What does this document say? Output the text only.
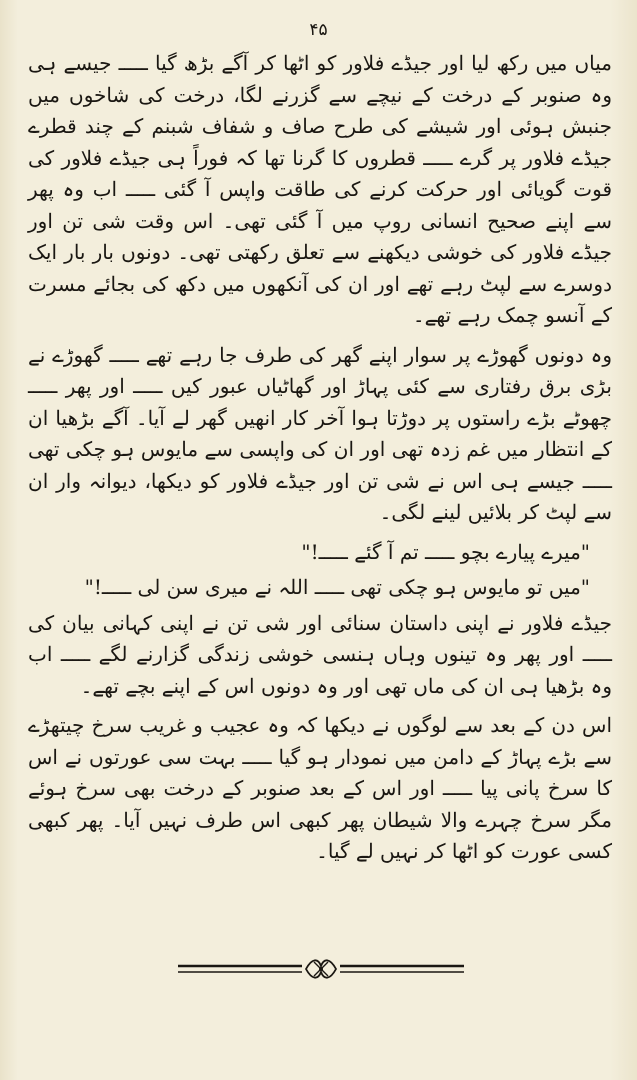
۴۵

میاں میں رکھ لیا اور جیڈے فلاور کو اٹھا کر آگے بڑھ گیا ـــــ جیسے ہی وہ صنوبر کے درخت کے نیچے سے گزرنے لگا، درخت کی شاخوں میں جنبش ہوئی اور شیشے کی طرح صاف و شفاف شبنم کے چند قطرے جیڈے فلاور پر گرے ـــــ قطروں کا گرنا تھا کہ فوراً ہی جیڈے فلاور کی قوت گویائی اور حرکت کرنے کی طاقت واپس آ گئی ـــــ اب وہ پھر سے اپنے صحیح انسانی روپ میں آ گئی تھی۔ اس وقت شی تن اور جیڈے فلاور کی خوشی دیکھنے سے تعلق رکھتی تھی۔ دونوں بار بار ایک دوسرے سے لپٹ رہے تھے اور ان کی آنکھوں میں دکھ کی بجائے مسرت کے آنسو چمک رہے تھے۔

وہ دونوں گھوڑے پر سوار اپنے گھر کی طرف جا رہے تھے ـــــ گھوڑے نے بڑی برق رفتاری سے کئی پہاڑ اور گھاٹیاں عبور کیں ـــــ اور پھر ـــــ چھوٹے بڑے راستوں پر دوڑتا ہوا آخر کار انھیں گھر لے آیا۔ آگے بڑھیا ان کے انتظار میں غم زدہ تھی اور ان کی واپسی سے مایوس ہو چکی تھی ـــــ جیسے ہی اس نے شی تن اور جیڈے فلاور کو دیکھا، دیوانہ وار ان سے لپٹ کر بلائیں لینے لگی۔

"میرے پیارے بچو ـــــ تم آ گئے ـــــ!"

"میں تو مایوس ہو چکی تھی ـــــ اللہ نے میری سن لی ـــــ!"

جیڈے فلاور نے اپنی داستان سنائی اور شی تن نے اپنی کہانی بیان کی ـــــ اور پھر وہ تینوں وہاں ہنسی خوشی زندگی گزارنے لگے ـــــ اب وہ بڑھیا ہی ان کی ماں تھی اور وہ دونوں اس کے اپنے بچے تھے۔

اس دن کے بعد سے لوگوں نے دیکھا کہ وہ عجیب و غریب سرخ چیتھڑے سے بڑے پہاڑ کے دامن میں نمودار ہو گیا ـــــ بہت سی عورتوں نے اس کا سرخ پانی پیا ـــــ اور اس کے بعد صنوبر کے درخت بھی سرخ ہوئے مگر سرخ چہرے والا شیطان پھر کبھی اس طرف نہیں آیا۔ پھر کبھی کسی عورت کو اٹھا کر نہیں لے گیا۔
